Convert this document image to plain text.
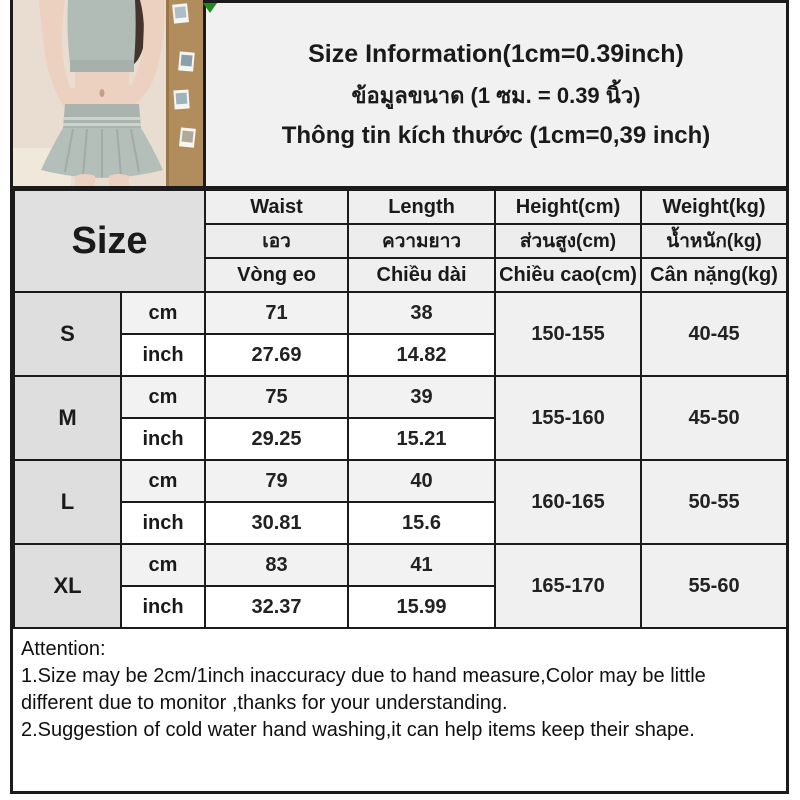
Size Information(1cm=0.39inch)
ข้อมูลขนาด (1 ซม. = 0.39 นิ้ว)
Thông tin kích thước (1cm=0,39 inch)
Size		Waist	Length	Height(cm)	Weight(kg)
		เอว	ความยาว	ส่วนสูง(cm)	น้ำหนัก(kg)
		Vòng eo	Chiều dài	Chiều cao(cm)	Cân nặng(kg)
S	cm	71	38	150-155	40-45
	inch	27.69	14.82		
M	cm	75	39	155-160	45-50
	inch	29.25	15.21		
L	cm	79	40	160-165	50-55
	inch	30.81	15.6		
XL	cm	83	41	165-170	55-60
	inch	32.37	15.99		

Attention:

1.Size may be 2cm/1inch inaccuracy due to hand measure,Color may be little different due to monitor ,thanks for your understanding.

2.Suggestion of cold water hand washing,it can help items keep their shape.
